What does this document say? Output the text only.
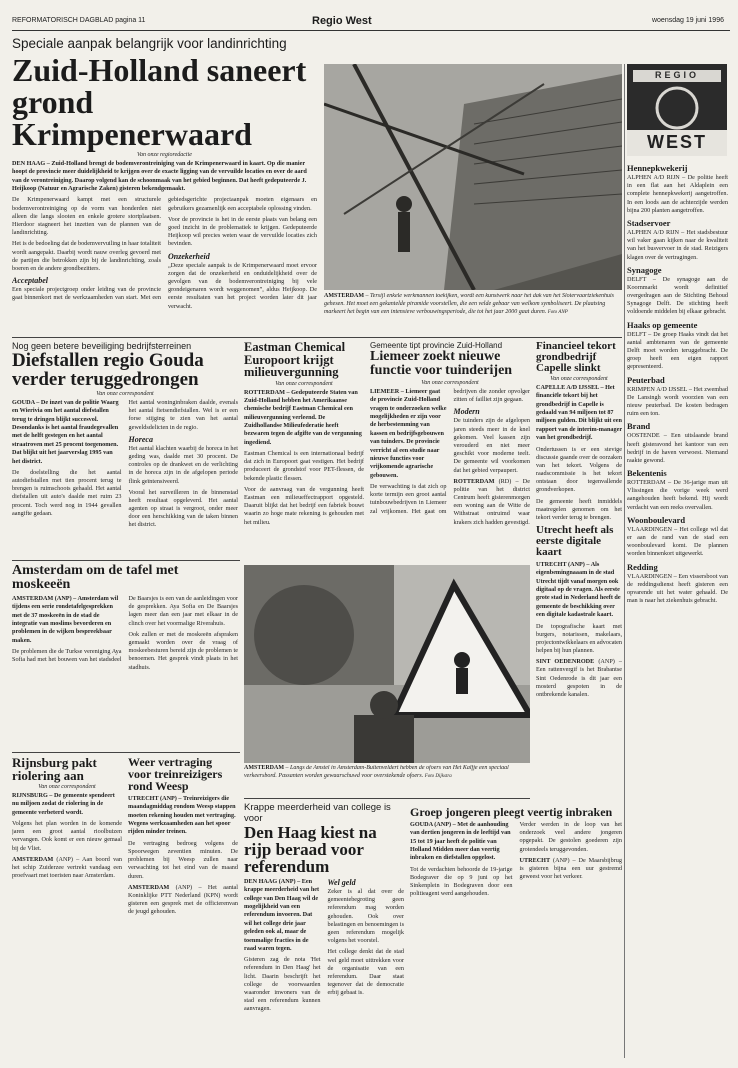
REFORMATORISCH DAGBLAD pagina 11	Regio West	woensdag 19 juni 1996
Speciale aanpak belangrijk voor landinrichting
Zuid-Holland saneert grond Krimpenerwaard
Van onze regioredactie
DEN HAAG – Zuid-Holland brengt de bodemverontreiniging van de Krimpenerwaard in kaart. Op die manier hoopt de provincie meer duidelijkheid te krijgen over de exacte ligging van de vervuilde locaties en over de aard van de verontreiniging. Daarop volgend kan de schoonmaak van het gebied beginnen. Dat heeft gedeputeerde J. Heijkoop (Natuur en Agrarische Zaken) gisteren bekendgemaakt.

De Krimpenerwaard kampt met een structurele bodemverontreiniging op de vorm van honderden niet alleen die langs slooten en enkele grotere stortplaatsen. Hierdoor stagneert het inzetten van de plannen van de landinrichting.

Het is de bedoeling dat de bodemvervuiling in haar totaliteit wordt aangepakt. Daarbij wordt nauw overleg gevoerd met de partijen die betrokken zijn bij de landinrichting, zoals boeren en de andere grondbezitters.

Acceptabel

Een speciale projectgroep onder leiding van de provincie gaat binnenkort met de werkzaamheden van start. Met een gebiedsgerichte projectaanpak moeten eigenaars en gebruikers gezamenlijk een acceptabele oplossing vinden.

Voor de provincie is het in de eerste plaats van belang een goed inzicht in de problematiek te krijgen. Gedeputeerde Heijkoop wil precies weten waar de vervuilde locaties zich bevinden.

Onzekerheid

„Deze speciale aanpak is de Krimpenerwaard moet ervoor zorgen dat de onzekerheid en onduidelijkheid over de gevolgen van de bodemverontreiniging bij vele grondeigenaren wordt weggenomen”, aldus Heijkoop. De eerste resultaten van het project worden later dit jaar verwacht.

AMSTERDAM – Tersijl enkele werkmannen toekijken, wordt een kunstwerk naar het dak van het Slotervaartziekenhuis gehesen. Het moet een gekantelde piramide voorstellen, die een velde gebaar van welkom symboliseert. De plaatsing markeert het begin van een intensieve verbouwingsperiode, die tot het jaar 2000 gaat duren. Foto ANP
REGIO
WEST
Hennepkwekerij
ALPHEN A/D RIJN – De politie heeft in een flat aan het Aldaplein een complete hennepkwekerij aangetroffen. In een loods aan de achterzijde werden bijna 200 planten aangetroffen.
Stadservoer
ALPHEN A/D RIJN – Het stadsbestuur wil vaker gaan kijken naar de kwaliteit van het busvervoer in de stad. Reizigers klagen over de vertragingen.
Synagoge
DELFT – De synagoge aan de Koornmarkt wordt definitief overgedragen aan de Stichting Behoud Synagoge Delft. De stichting heeft voldoende middelen bij elkaar gebracht.
Haaks op gemeente
DELFT – De groep Haaks vindt dat het aantal ambtenaren van de gemeente Delft moet worden teruggebracht. De groep heeft een eigen rapport gepresenteerd.
Peuterbad
KRIMPEN A/D IJSSEL – Het zwembad De Lansingh wordt voorzien van een nieuw peuterbad. De kosten bedragen ruim een ton.
Brand
OOSTENDE – Een uitslaande brand heeft gisteravond het kantoor van een bedrijf in de haven verwoest. Niemand raakte gewond.
Bekentenis
ROTTERDAM – De 36-jarige man uit Vlissingen die vorige week werd aangehouden heeft bekend. Hij wordt verdacht van een reeks overvallen.
Woonboulevard
VLAARDINGEN – Het college wil dat er aan de rand van de stad een woonboulevard komt. De plannen worden binnenkort uitgewerkt.
Redding
VLAARDINGEN – Een vissersboot van de reddingsdienst heeft gisteren een opvarende uit het water gehaald. De man is naar het ziekenhuis gebracht.
Nog geen betere beveiliging bedrijfsterreinen
Diefstallen regio Gouda verder teruggedrongen
Van onze correspondent

GOUDA – De inzet van de politie Waarg en Wierivia om het aantal diefstallen terug te dringen blijkt succesvol. Desondanks is het aantal fraudegevallen met de helft gestegen en het aantal straatroven met 25 procent toegenomen. Dat blijkt uit het jaarverslag 1995 van het district.

De doelstelling die het aantal autodiefstallen met tien procent terug te brengen is ruimschoots gehaald. Het aantal diefstallen uit auto's daalde met ruim 23 procent. Toch werd nog in 1944 gevallen aangifte gedaan.

Het aantal woninginbraken daalde, evenals het aantal fietsendiefstallen. Wel is er een forse stijging te zien van het aantal geweldsdelicten in de regio.

Horeca

Het aantal klachten waarbij de horeca in het geding was, daalde met 30 procent. De controles op de drankwet en de verlichting in de horeca zijn in de afgelopen periode flink geïntensiveerd.

Vooral het surveilleren in de binnenstad heeft resultaat opgeleverd. Het aantal agenten op straat is vergroot, onder meer door een herschikking van de taken binnen het district.

Eastman Chemical Europoort krijgt milieuvergunning
Van onze correspondent

ROTTERDAM – Gedeputeerde Staten van Zuid-Holland hebben het Amerikaanse chemische bedrijf Eastman Chemical een milieuvergunning verleend. De Zuidhollandse Milieufederatie heeft bezwaren tegen de afgifte van de vergunning ingediend.

Eastman Chemical is een internationaal bedrijf dat zich in Europoort gaat vestigen. Het bedrijf produceert de grondstof voor PET-flessen, de bekende plastic flessen.

Voor de aanvraag van de vergunning heeft Eastman een milieueffectrapport opgesteld. Daaruit blijkt dat het bedrijf een fabriek bouwt waarin zo hoge mate rekening is gehouden met het milieu.

Gemeente tipt provincie Zuid-Holland
Liemeer zoekt nieuwe functie voor tuinderijen
Van onze correspondent

LIEMEER – Liemeer gaat de provincie Zuid-Holland vragen te onderzoeken welke mogelijkheden er zijn voor de herbestemming van kassen en bedrijfsgebouwen van tuinders. De provincie verricht al een studie naar nieuwe functies voor vrijkomende agrarische gebouwen.

De verwachting is dat zich op korte termijn een groot aantal tuinbouwbedrijven in Liemeer zal vrijkomen. Het gaat om bedrijven die zonder opvolger zitten of failliet zijn gegaan.

Modern

De tuinders zijn de afgelopen jaren steeds meer in de knel gekomen. Veel kassen zijn verouderd en niet meer geschikt voor moderne teelt. De gemeente wil voorkomen dat het gebied verpaupert.

ROTTERDAM (RD) – De politie van het district Centrum heeft gisterenmorgen een woning aan de Witte de Withstraat ontruimd waar krakers zich hadden gevestigd.

Financieel tekort grondbedrijf Capelle slinkt
Van onze correspondent

CAPELLE A/D IJSSEL – Het financiële tekort bij het grondbedrijf in Capelle is gedaald van 94 miljoen tot 87 miljoen gulden. Dit blijkt uit een rapport van de interim-manager van het grondbedrijf.

Ondertussen is er een stevige discussie gaande over de oorzaken van het tekort. Volgens de raadscommissie is het tekort ontstaan door tegenvallende grondverkopen.

De gemeente heeft inmiddels maatregelen genomen om het tekort verder terug te brengen.

Utrecht heeft als eerste digitale kaart

UTRECHT (ANP) – Als eigenbemingnaaam in de stad Utrecht tijdt vanaf morgen ook digitaal op de vragen. Als eerste grote stad in Nederland heeft de gemeente de beschikking over een digitale kadastrale kaart.

De topografische kaart met burgers, notarissen, makelaars, projectontwikkelaars en advocaten helpen bij hun plannen.

SINT OEDENRODE (ANP) – Een rattenvergif is het Brabantse Sint Oedenrode is dit jaar een mosterd gespoten in de ontbrekende kanalen.

Amsterdam om de tafel met moskeeën

AMSTERDAM (ANP) – Amsterdam wil tijdens een serie rondetafelgesprekken met de 37 moskeeën in de stad de integratie van moslims bevorderen en problemen in de wijken bespreekbaar maken.

De problemen die de Turkse vereniging Aya Sofia had met het bouwen van het stadsdeel De Baarsjes is een van de aanleidingen voor de gesprekken. Aya Sofia en De Baarsjes lagen meer dan een jaar met elkaar in de clinch over het voormalige Riverahuis.

Ook zullen er met de moskeeën afspraken gemaakt worden over de vraag of moskeebesturen bereid zijn de problemen te benoemen. Het gesprek vindt plaats in het stadhuis.

AMSTERDAM – Langs de Amstel in Amsterdam-Buitenveldert hebben de ofoers van Het Kalfje een speciaal verkeersbord. Passanten worden gewaarschuwd voor overstekende ofoers. Foto Dijkstra
Rijnsburg pakt riolering aan
Van onze correspondent

RIJNSBURG – De gemeente spendeert nu miljoen zodat de riolering in de gemeente verbeterd wordt.

Volgens het plan worden in de komende jaren een groot aantal rioolbuizen vervangen. Ook komt er een nieuw gemaal bij de Vliet.

AMSTERDAM (ANP) – Aan boord van het schip Zuiderzee vertrekt vandaag een proefvaart met toeristen naar Amsterdam.

Weer vertraging voor treinreizigers rond Weesp

UTRECHT (ANP) – Treinreizigers die maandagmiddag rondom Weesp stappen moeten rekening houden met vertraging. Wegens werkzaamheden aan het spoor rijden minder treinen.

De vertraging bedroeg volgens de Spoorwegen zeventien minuten. De problemen bij Weesp zullen naar verwachting tot het eind van de maand duren.

AMSTERDAM (ANP) – Het aantal Koninklijke PTT Nederland (KPN) wordt gisteren een gesprek met de officierenvan de jeugd gehouden.

Krappe meerderheid van college is voor
Den Haag kiest na rijp beraad voor referendum

DEN HAAG (ANP) – Een krappe meerderheid van het college van Den Haag wil de mogelijkheid van een referendum invoeren. Dat wil het college drie jaar geleden ook al, maar de toenmalige fracties in de raad waren tegen.

Gisteren zag de nota 'Het referendum in Den Haag' het licht. Daarin beschrijft het college de voorwaarden waaronder inwoners van de stad een referendum kunnen aanvragen.

Wel geld

Zeker is al dat over de gemeentebegroting geen referendum mag worden gehouden. Ook over belastingen en benoemingen is geen referendum mogelijk volgens het voorstel.

Het college denkt dat de stad wel geld moet uittrekken voor de organisatie van een referendum. Daar staat tegenover dat de democratie erbij gebaat is.

Groep jongeren pleegt veertig inbraken

GOUDA (ANP) – Met de aanhouding van dertien jongeren in de leeftijd van 15 tot 19 jaar heeft de politie van Holland Midden meer dan veertig inbraken en diefstallen opgelost.

Tot de verdachten behoorde de 19-jarige Bodegraver die op 9 juni op het Sinkenplein in Bodegraven door een politieagent werd aangehouden.

Verder werden in de loop van het onderzoek veel andere jongeren opgepakt. De gestolen goederen zijn grotendeels teruggevonden.

UTRECHT (ANP) – De Maarsbijbrug is gisteren bijna een uur gestremd geweest voor het verkeer.
